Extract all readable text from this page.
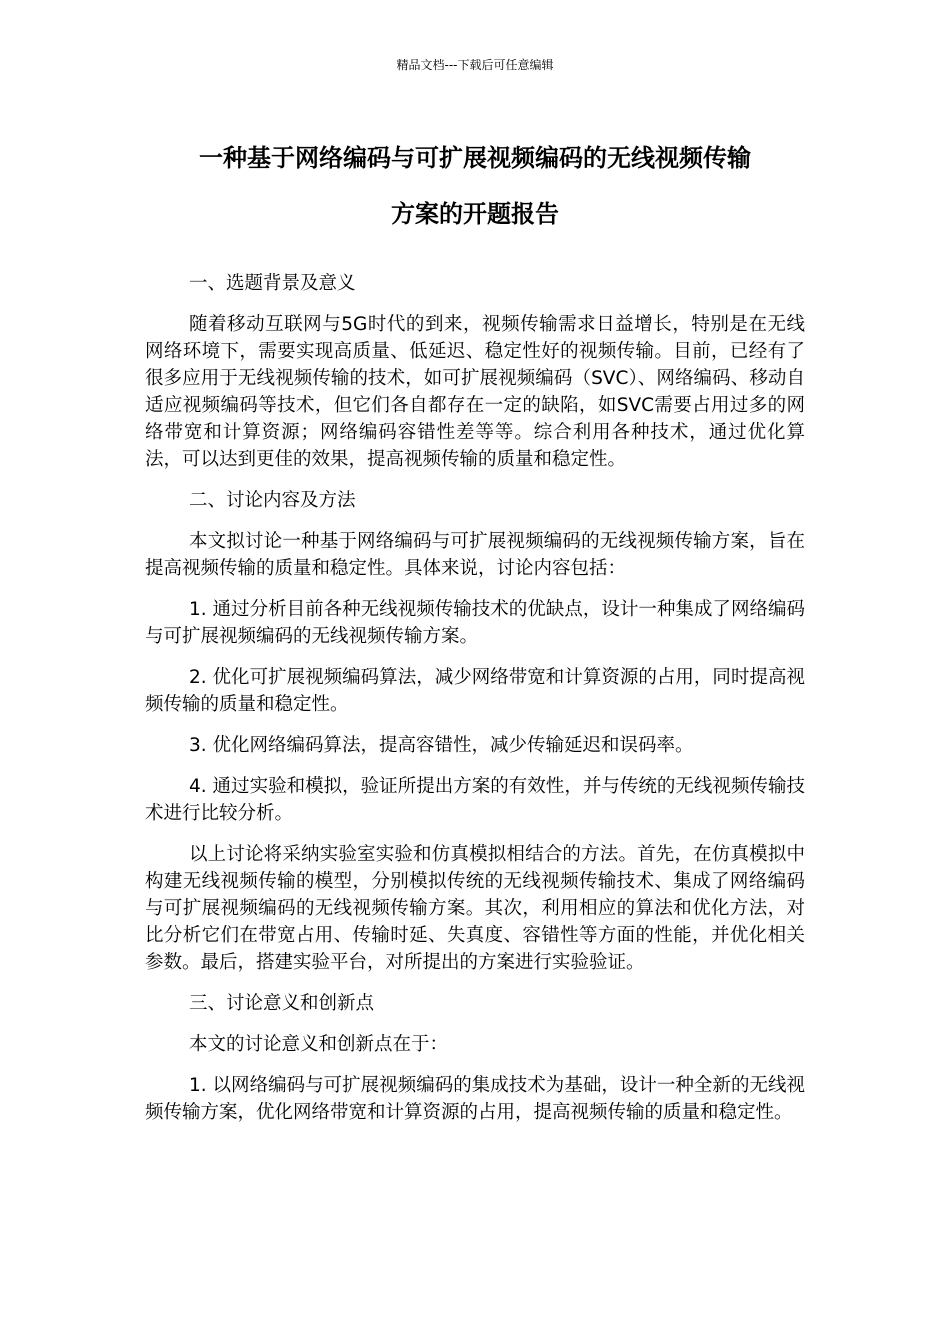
精品文档---下载后可任意编辑
一种基于网络编码与可扩展视频编码的无线视频传输
方案的开题报告

一、选题背景及意义

随着移动互联网与5G时代的到来，视频传输需求日益增长，特别是在无线网络环境下，需要实现高质量、低延迟、稳定性好的视频传输。目前，已经有了很多应用于无线视频传输的技术，如可扩展视频编码（SVC）、网络编码、移动自适应视频编码等技术，但它们各自都存在一定的缺陷，如SVC需要占用过多的网络带宽和计算资源；网络编码容错性差等等。综合利用各种技术，通过优化算法，可以达到更佳的效果，提高视频传输的质量和稳定性。

二、讨论内容及方法

本文拟讨论一种基于网络编码与可扩展视频编码的无线视频传输方案，旨在提高视频传输的质量和稳定性。具体来说，讨论内容包括：

1. 通过分析目前各种无线视频传输技术的优缺点，设计一种集成了网络编码与可扩展视频编码的无线视频传输方案。

2. 优化可扩展视频编码算法，减少网络带宽和计算资源的占用，同时提高视频传输的质量和稳定性。

3. 优化网络编码算法，提高容错性，减少传输延迟和误码率。

4. 通过实验和模拟，验证所提出方案的有效性，并与传统的无线视频传输技术进行比较分析。

以上讨论将采纳实验室实验和仿真模拟相结合的方法。首先，在仿真模拟中构建无线视频传输的模型，分别模拟传统的无线视频传输技术、集成了网络编码与可扩展视频编码的无线视频传输方案。其次，利用相应的算法和优化方法，对比分析它们在带宽占用、传输时延、失真度、容错性等方面的性能，并优化相关参数。最后，搭建实验平台，对所提出的方案进行实验验证。

三、讨论意义和创新点

本文的讨论意义和创新点在于：

1. 以网络编码与可扩展视频编码的集成技术为基础，设计一种全新的无线视频传输方案，优化网络带宽和计算资源的占用，提高视频传输的质量和稳定性。
